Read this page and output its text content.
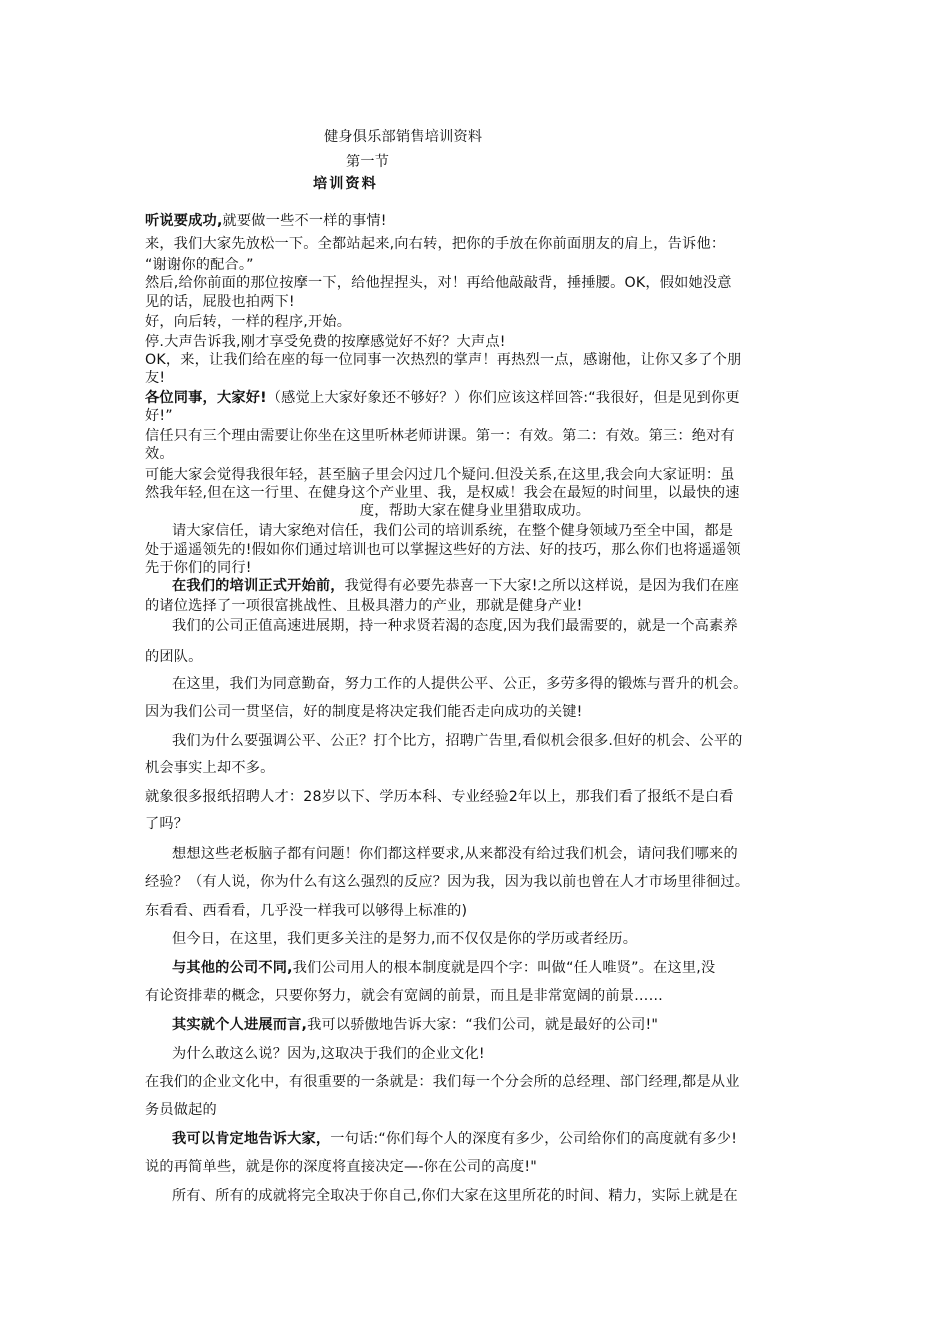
健身俱乐部销售培训资料
第一节
培训资料
听说要成功,就要做一些不一样的事情!
来，我们大家先放松一下。全都站起来,向右转，把你的手放在你前面朋友的肩上，告诉他：
“谢谢你的配合。”
然后,给你前面的那位按摩一下，给他捏捏头，对！再给他敲敲背，捶捶腰。OK，假如她没意
见的话，屁股也拍两下!
好，向后转，一样的程序,开始。
停.大声告诉我,刚才享受免费的按摩感觉好不好？大声点!
OK，来，让我们给在座的每一位同事一次热烈的掌声！再热烈一点，感谢他，让你又多了个朋
友!
各位同事，大家好!（感觉上大家好象还不够好？）你们应该这样回答:“我很好，但是见到你更
好!”
信任只有三个理由需要让你坐在这里听林老师讲课。第一：有效。第二：有效。第三：绝对有
效。
可能大家会觉得我很年轻，甚至脑子里会闪过几个疑问.但没关系,在这里,我会向大家证明：虽
然我年轻,但在这一行里、在健身这个产业里、我，是权威！我会在最短的时间里，以最快的速
度，帮助大家在健身业里猎取成功。
请大家信任，请大家绝对信任，我们公司的培训系统，在整个健身领域乃至全中国，都是
处于遥遥领先的!假如你们通过培训也可以掌握这些好的方法、好的技巧，那么你们也将遥遥领
先于你们的同行!
在我们的培训正式开始前，我觉得有必要先恭喜一下大家!之所以这样说，是因为我们在座
的诸位选择了一项很富挑战性、且极具潜力的产业，那就是健身产业!
我们的公司正值高速进展期，持一种求贤若渴的态度,因为我们最需要的，就是一个高素养
的团队。
在这里，我们为同意勤奋，努力工作的人提供公平、公正，多劳多得的锻炼与晋升的机会。
因为我们公司一贯坚信，好的制度是将决定我们能否走向成功的关键!
我们为什么要强调公平、公正？打个比方，招聘广告里,看似机会很多.但好的机会、公平的
机会事实上却不多。
就象很多报纸招聘人才：28岁以下、学历本科、专业经验2年以上，那我们看了报纸不是白看
了吗？
想想这些老板脑子都有问题！你们都这样要求,从来都没有给过我们机会，请问我们哪来的
经验？（有人说，你为什么有这么强烈的反应？因为我，因为我以前也曾在人才市场里徘徊过。
东看看、西看看，几乎没一样我可以够得上标准的)
但今日，在这里，我们更多关注的是努力,而不仅仅是你的学历或者经历。
与其他的公司不同,我们公司用人的根本制度就是四个字：叫做“任人唯贤”。在这里,没
有论资排辈的概念，只要你努力，就会有宽阔的前景，而且是非常宽阔的前景……
其实就个人进展而言,我可以骄傲地告诉大家：“我们公司，就是最好的公司!"
为什么敢这么说？因为,这取决于我们的企业文化!
在我们的企业文化中，有很重要的一条就是：我们每一个分会所的总经理、部门经理,都是从业
务员做起的
我可以肯定地告诉大家，一句话:“你们每个人的深度有多少，公司给你们的高度就有多少!
说的再简单些，就是你的深度将直接决定—-你在公司的高度!"
所有、所有的成就将完全取决于你自己,你们大家在这里所花的时间、精力，实际上就是在
